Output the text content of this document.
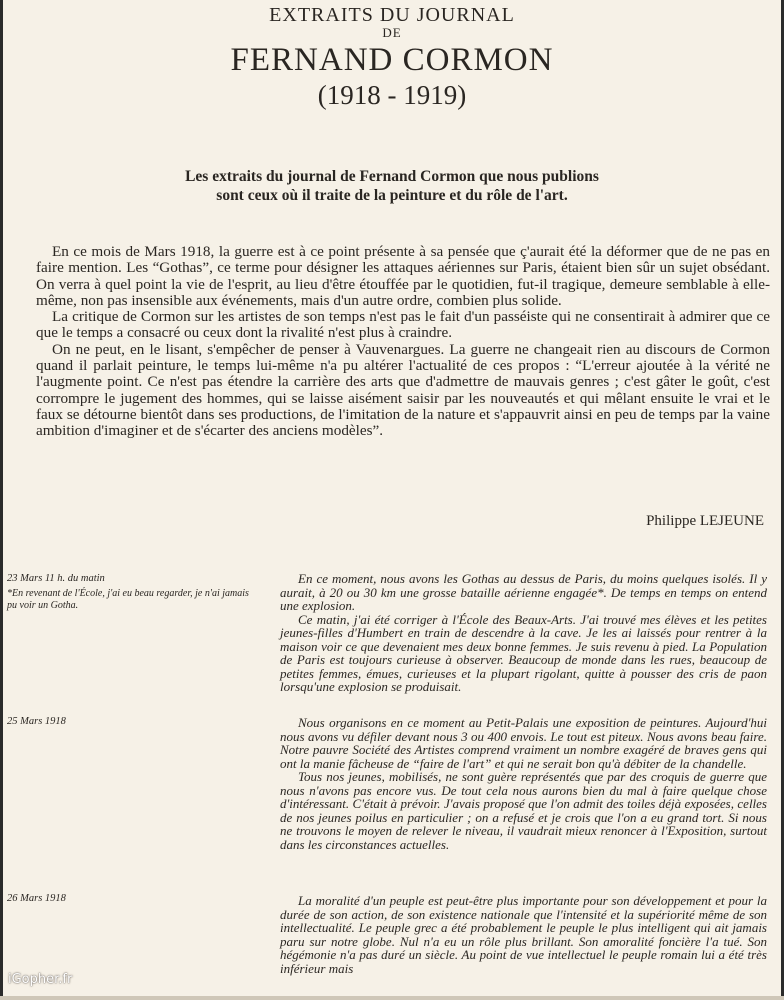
EXTRAITS DU JOURNAL
DE
FERNAND CORMON
(1918 - 1919)
Les extraits du journal de Fernand Cormon que nous publions
sont ceux où il traite de la peinture et du rôle de l'art.

En ce mois de Mars 1918, la guerre est à ce point présente à sa pensée que ç'aurait été la déformer que de ne pas en faire mention. Les “Gothas”, ce terme pour désigner les attaques aériennes sur Paris, étaient bien sûr un sujet obsédant. On verra à quel point la vie de l'esprit, au lieu d'être étouffée par le quotidien, fut-il tragique, demeure semblable à elle-même, non pas insensible aux événements, mais d'un autre ordre, combien plus solide.

La critique de Cormon sur les artistes de son temps n'est pas le fait d'un passéiste qui ne consentirait à admirer que ce que le temps a consacré ou ceux dont la rivalité n'est plus à craindre.

On ne peut, en le lisant, s'empêcher de penser à Vauvenargues. La guerre ne changeait rien au discours de Cormon quand il parlait peinture, le temps lui-même n'a pu altérer l'actualité de ces propos : “L'erreur ajoutée à la vérité ne l'augmente point. Ce n'est pas étendre la carrière des arts que d'admettre de mauvais genres ; c'est gâter le goût, c'est corrompre le jugement des hommes, qui se laisse aisément saisir par les nouveautés et qui mêlant ensuite le vrai et le faux se détourne bientôt dans ses productions, de l'imitation de la nature et s'appauvrit ainsi en peu de temps par la vaine ambition d'imaginer et de s'écarter des anciens modèles”.

Philippe LEJEUNE
23 Mars 11 h. du matin
*En revenant de l'École, j'ai eu beau regarder, je n'ai jamais pu voir un Gotha.

En ce moment, nous avons les Gothas au dessus de Paris, du moins quelques isolés. Il y aurait, à 20 ou 30 km une grosse bataille aérienne engagée*. De temps en temps on entend une explosion.

Ce matin, j'ai été corriger à l'École des Beaux-Arts. J'ai trouvé mes élèves et les petites jeunes-filles d'Humbert en train de descendre à la cave. Je les ai laissés pour rentrer à la maison voir ce que devenaient mes deux bonne femmes. Je suis revenu à pied. La Population de Paris est toujours curieuse à observer. Beaucoup de monde dans les rues, beaucoup de petites femmes, émues, curieuses et la plupart rigolant, quitte à pousser des cris de paon lorsqu'une explosion se produisait.

25 Mars 1918	Nous organisons en ce moment au Petit-Palais une exposition de peintures. Aujourd'hui nous avons vu défiler devant nous 3 ou 400 envois. Le tout est piteux. Nous avons beau faire. Notre pauvre Société des Artistes comprend vraiment un nombre exagéré de braves gens qui ont la manie fâcheuse de “faire de l'art” et qui ne serait bon qu'à débiter de la chandelle.

Tous nos jeunes, mobilisés, ne sont guère représentés que par des croquis de guerre que nous n'avons pas encore vus. De tout cela nous aurons bien du mal à faire quelque chose d'intéressant. C'était à prévoir. J'avais proposé que l'on admit des toiles déjà exposées, celles de nos jeunes poilus en particulier ; on a refusé et je crois que l'on a eu grand tort. Si nous ne trouvons le moyen de relever le niveau, il vaudrait mieux renoncer à l'Exposition, surtout dans les circonstances actuelles.

26 Mars 1918	La moralité d'un peuple est peut-être plus importante pour son développement et pour la durée de son action, de son existence nationale que l'intensité et la supériorité même de son intellectualité. Le peuple grec a été probablement le peuple le plus intelligent qui ait jamais paru sur notre globe. Nul n'a eu un rôle plus brillant. Son amoralité foncière l'a tué. Son hégémonie n'a pas duré un siècle. Au point de vue intellectuel le peuple romain lui a été très inférieur mais

iGopher.fr
